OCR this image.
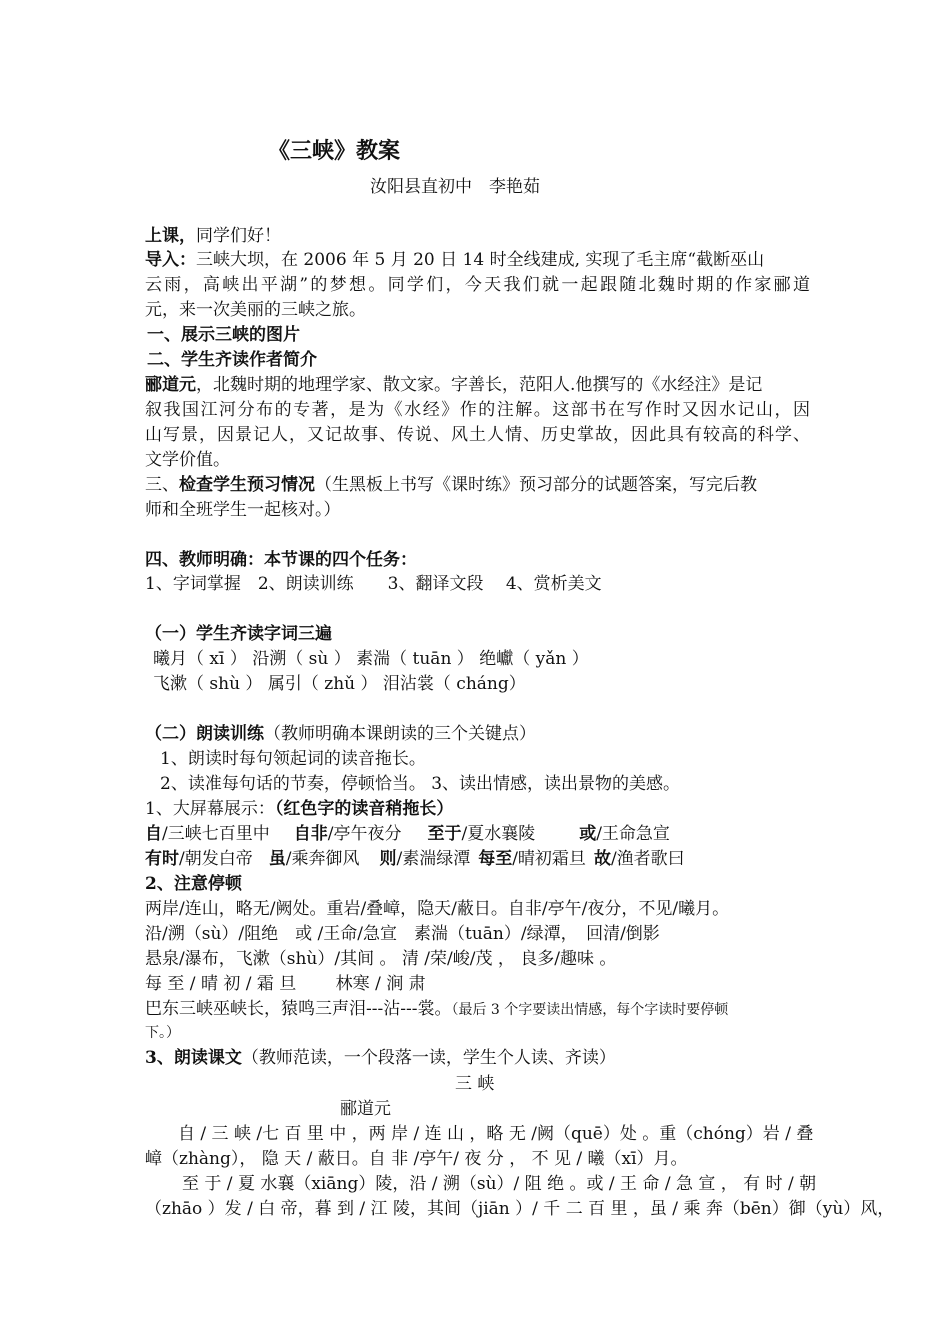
《三峡》教案
汝阳县直初中　李艳茹
上课，同学们好！
导入：三峡大坝，在 2006 年 5 月 20 日 14 时全线建成, 实现了毛主席“截断巫山
云雨，高峡出平湖”的梦想。同学们，今天我们就一起跟随北魏时期的作家郦道
元，来一次美丽的三峡之旅。
一、展示三峡的图片
二、学生齐读作者简介
郦道元，北魏时期的地理学家、散文家。字善长，范阳人.他撰写的《水经注》是记
叙我国江河分布的专著，是为《水经》作的注解。这部书在写作时又因水记山，因
山写景，因景记人，又记故事、传说、风土人情、历史掌故，因此具有较高的科学、
文学价值。
三、检查学生预习情况（生黑板上书写《课时练》预习部分的试题答案，写完后教
师和全班学生一起核对。）
四、教师明确：本节课的四个任务：
1、字词掌握　2、朗读训练　　3、翻译文段　 4、赏析美文
（一）学生齐读字词三遍
曦月（ xī ） 沿溯（ sù ） 素湍（ tuān ） 绝巘（ yǎn ）
飞漱（ shù ） 属引（ zhǔ ） 泪沾裳（ cháng）
（二）朗读训练（教师明确本课朗读的三个关键点）
1、朗读时每句领起词的读音拖长。
2、读准每句话的节奏，停顿恰当。 3、读出情感，读出景物的美感。
1、大屏幕展示：（红色字的读音稍拖长）
自/三峡七百里中 自非/亭午夜分 至于/夏水襄陵	或/王命急宣
有时/朝发白帝 虽/乘奔御风 则/素湍绿潭 每至/晴初霜旦 故/渔者歌曰
2、注意停顿
两岸/连山，略无/阙处。重岩/叠嶂，隐天/蔽日。自非/亭午/夜分，不见/曦月。
沿/溯（sù）/阻绝　或 /王命/急宣　素湍（tuān）/绿潭，　回清/倒影
悬泉/瀑布，飞漱（shù）/其间 。 清 /荣/峻/茂 ， 良多/趣味 。
每 至 / 晴 初 / 霜 旦 　　林寒 / 涧 肃
巴东三峡巫峡长，猿鸣三声泪---沾---裳。（最后 3 个字要读出情感，每个字读时要停顿
下。）
3、朗读课文（教师范读，一个段落一读，学生个人读、齐读）
三 峡
郦道元
自 / 三 峡 /七 百 里 中 ，两 岸 / 连 山 ，略 无 /阙（quē）处 。重（chóng）岩 / 叠
嶂（zhàng）， 隐 天 / 蔽日。自 非 /亭午/ 夜 分 ， 不 见 / 曦（xī）月。
至 于 / 夏 水襄（xiāng）陵，沿 / 溯（sù）/ 阻 绝 。或 / 王 命 / 急 宣 ， 有 时 / 朝
（zhāo ）发 / 白 帝，暮 到 / 江 陵，其间（jiān ）/ 千 二 百 里 ，虽 / 乘 奔（bēn）御（yù）风，
